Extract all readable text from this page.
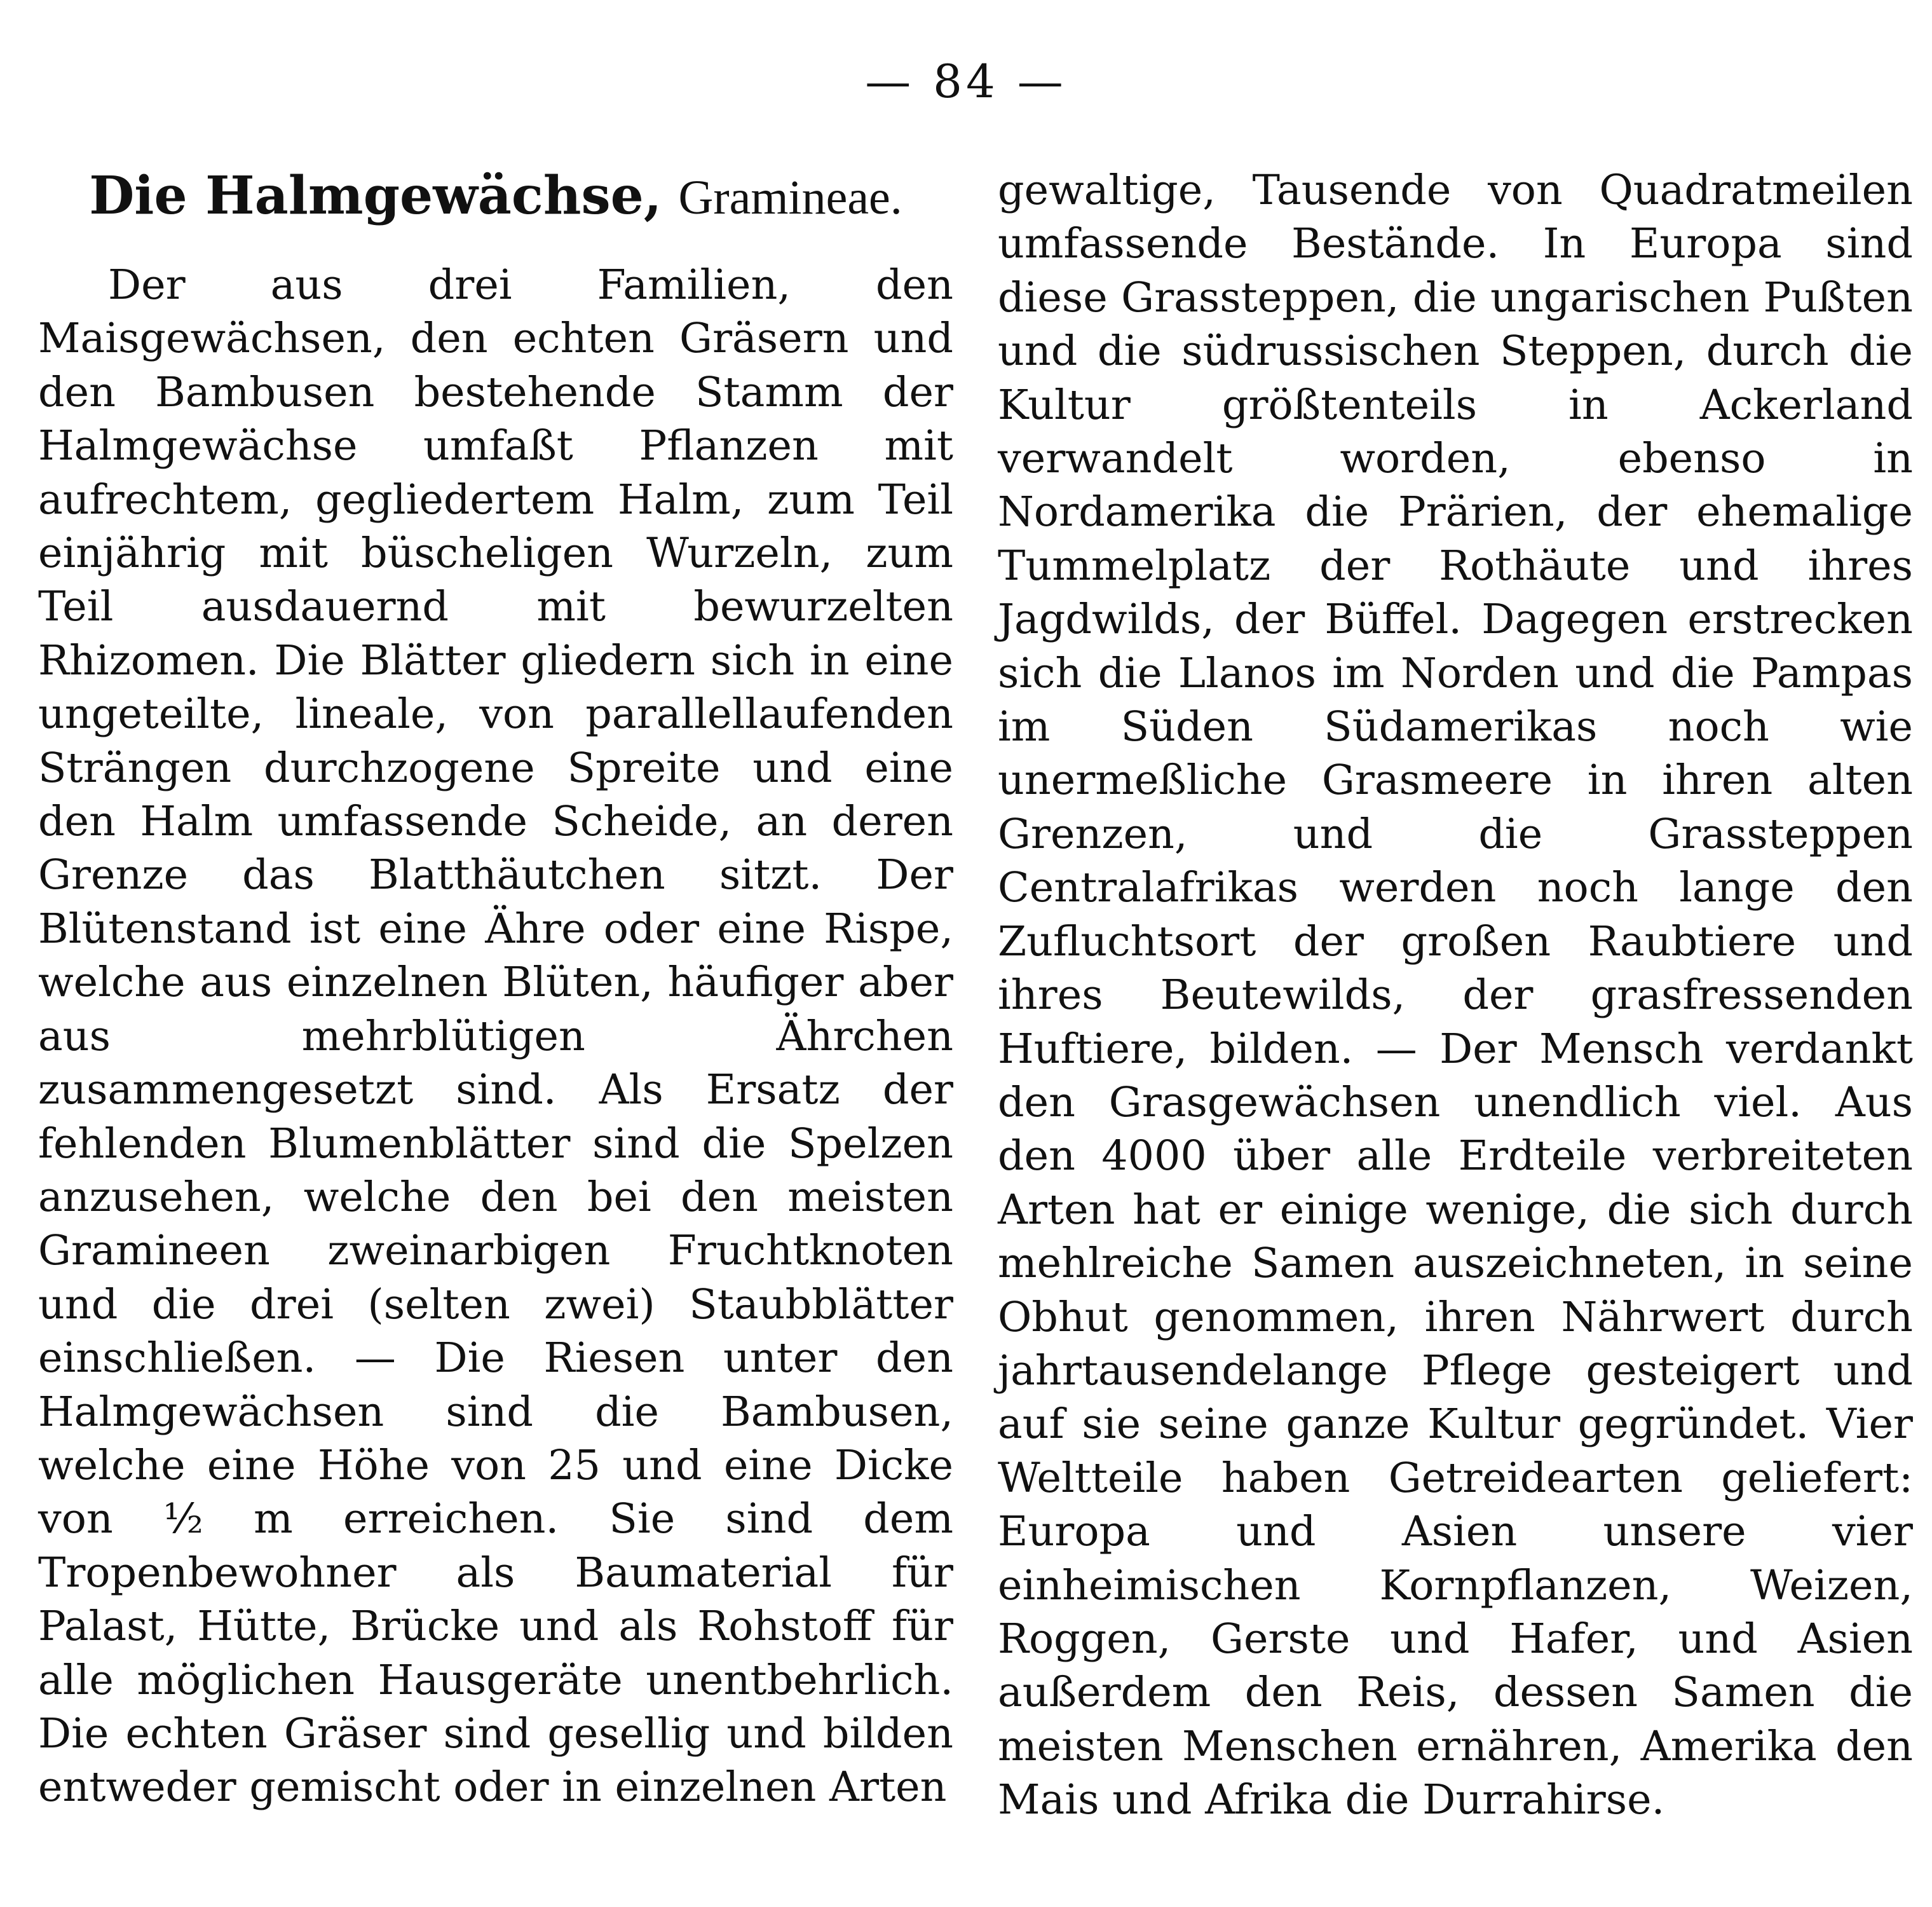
— 84 —
Die Halmgewächse, Gramineae.

Der aus drei Familien, den Maisgewächsen, den echten Gräsern und den Bambusen bestehende Stamm der Halmgewächse umfaßt Pflanzen mit aufrechtem, gegliedertem Halm, zum Teil einjährig mit büscheligen Wurzeln, zum Teil ausdauernd mit bewurzelten Rhizomen. Die Blätter gliedern sich in eine ungeteilte, lineale, von parallellaufenden Strängen durchzogene Spreite und eine den Halm umfassende Scheide, an deren Grenze das Blatthäutchen sitzt. Der Blütenstand ist eine Ähre oder eine Rispe, welche aus einzelnen Blüten, häufiger aber aus mehrblütigen Ährchen zusammengesetzt sind. Als Ersatz der fehlenden Blumenblätter sind die Spelzen anzusehen, welche den bei den meisten Gramineen zweinarbigen Fruchtknoten und die drei (selten zwei) Staubblätter einschließen. — Die Riesen unter den Halmgewächsen sind die Bambusen, welche eine Höhe von 25 und eine Dicke von ½ m erreichen. Sie sind dem Tropenbewohner als Baumaterial für Palast, Hütte, Brücke und als Rohstoff für alle möglichen Hausgeräte unentbehrlich. Die echten Gräser sind gesellig und bilden entweder gemischt oder in einzelnen Arten

gewaltige, Tausende von Quadratmeilen umfassende Bestände. In Europa sind diese Grassteppen, die ungarischen Pußten und die südrussischen Steppen, durch die Kultur größtenteils in Ackerland verwandelt worden, ebenso in Nordamerika die Prärien, der ehemalige Tummelplatz der Rothäute und ihres Jagdwilds, der Büffel. Dagegen erstrecken sich die Llanos im Norden und die Pampas im Süden Südamerikas noch wie unermeßliche Grasmeere in ihren alten Grenzen, und die Grassteppen Centralafrikas werden noch lange den Zufluchtsort der großen Raubtiere und ihres Beutewilds, der grasfressenden Huftiere, bilden. — Der Mensch verdankt den Grasgewächsen unendlich viel. Aus den 4000 über alle Erdteile verbreiteten Arten hat er einige wenige, die sich durch mehlreiche Samen auszeichneten, in seine Obhut genommen, ihren Nährwert durch jahrtausendelange Pflege gesteigert und auf sie seine ganze Kultur gegründet. Vier Weltteile haben Getreidearten geliefert: Europa und Asien unsere vier einheimischen Kornpflanzen, Weizen, Roggen, Gerste und Hafer, und Asien außerdem den Reis, dessen Samen die meisten Menschen ernähren, Amerika den Mais und Afrika die Durrahirse.
